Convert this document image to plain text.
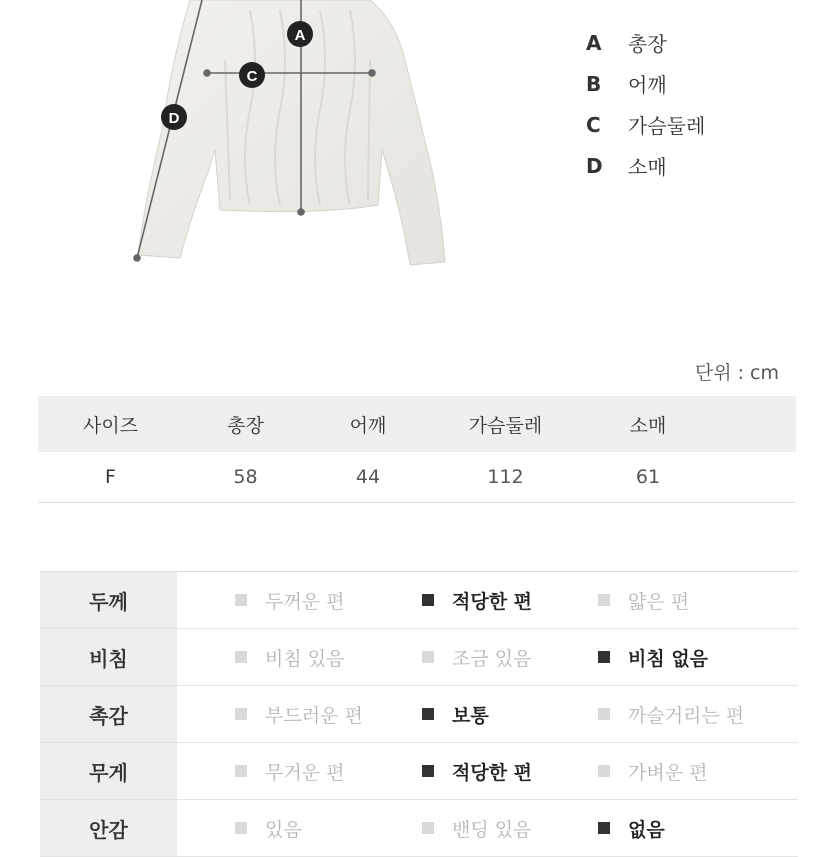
A
C
D
A	총장
B	어깨
C	가슴둘레
D	소매
단위 : cm
사이즈	총장	어깨	가슴둘레	소매
F	58	44	112	61
두께	두꺼운 편	적당한 편	얇은 편
비침	비침 있음	조금 있음	비침 없음
촉감	부드러운 편	보통	까슬거리는 편
무게	무거운 편	적당한 편	가벼운 편
안감	있음	밴딩 있음	없음
